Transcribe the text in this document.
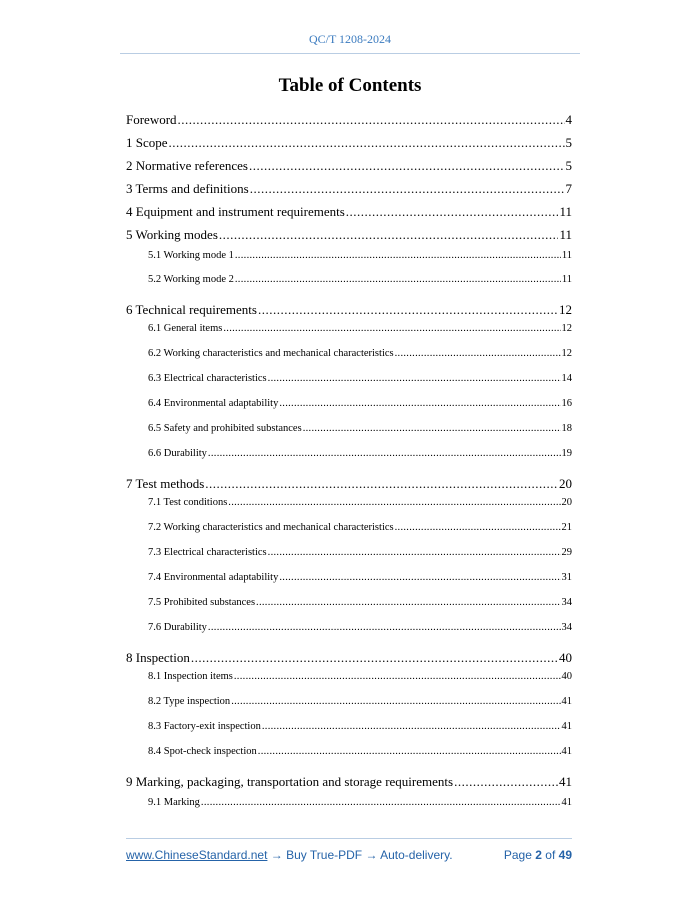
QC/T 1208-2024
Table of Contents
Foreword .....	4
1 Scope .....	5
2 Normative references .....	5
3 Terms and definitions .....	7
4 Equipment and instrument requirements .....	11
5 Working modes .....	11
5.1 Working mode 1 .....	11
5.2 Working mode 2 .....	11
6 Technical requirements .....	12
6.1 General items .....	12
6.2 Working characteristics and mechanical characteristics .....	12
6.3 Electrical characteristics .....	14
6.4 Environmental adaptability .....	16
6.5 Safety and prohibited substances .....	18
6.6 Durability .....	19
7 Test methods .....	20
7.1 Test conditions .....	20
7.2 Working characteristics and mechanical characteristics .....	21
7.3 Electrical characteristics .....	29
7.4 Environmental adaptability .....	31
7.5 Prohibited substances .....	34
7.6 Durability .....	34
8 Inspection .....	40
8.1 Inspection items .....	40
8.2 Type inspection .....	41
8.3 Factory-exit inspection .....	41
8.4 Spot-check inspection .....	41
9 Marking, packaging, transportation and storage requirements .....	41
9.1 Marking .....	41
www.ChineseStandard.net → Buy True-PDF → Auto-delivery.	Page 2 of 49
